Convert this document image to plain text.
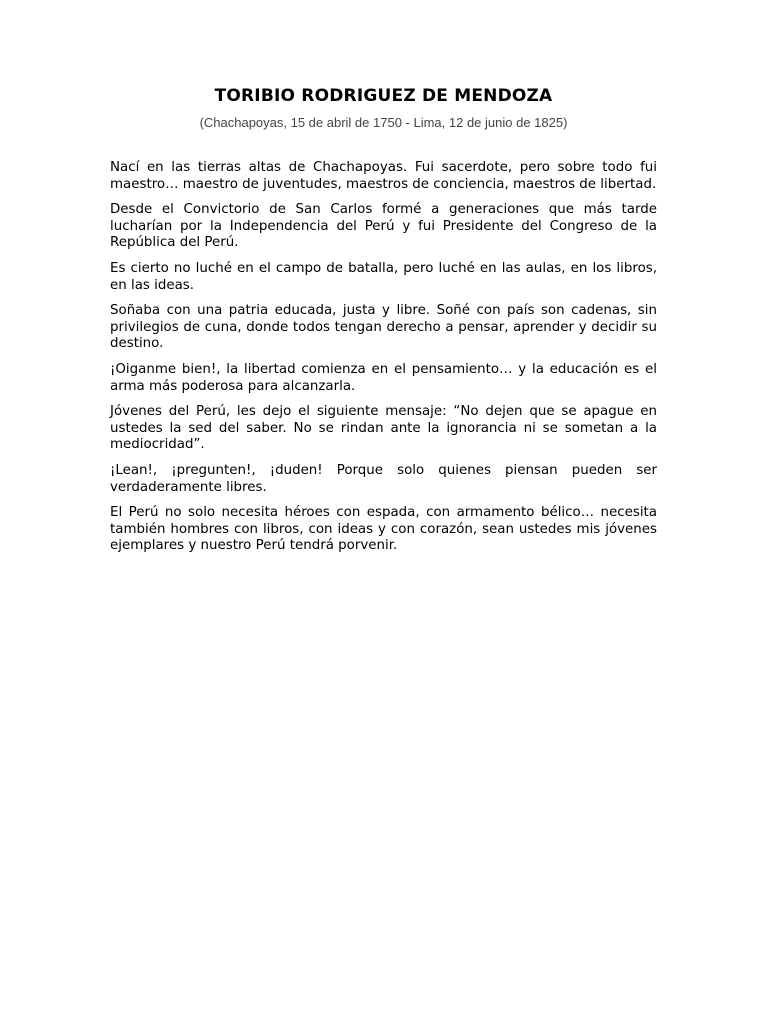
TORIBIO RODRIGUEZ DE MENDOZA
(Chachapoyas, 15 de abril de 1750 - Lima, 12 de junio de 1825)

Nací en las tierras altas de Chachapoyas. Fui sacerdote, pero sobre todo fui maestro… maestro de juventudes, maestros de conciencia, maestros de libertad.

Desde el Convictorio de San Carlos formé a generaciones que más tarde lucharían por la Independencia del Perú y fui Presidente del Congreso de la República del Perú.

Es cierto no luché en el campo de batalla, pero luché en las aulas, en los libros, en las ideas.

Soñaba con una patria educada, justa y libre. Soñé con país son cadenas, sin privilegios de cuna, donde todos tengan derecho a pensar, aprender y decidir su destino.

¡Oiganme bien!, la libertad comienza en el pensamiento… y la educación es el arma más poderosa para alcanzarla.

Jóvenes del Perú, les dejo el siguiente mensaje: “No dejen que se apague en ustedes la sed del saber. No se rindan ante la ignorancia ni se sometan a la mediocridad”.

¡Lean!, ¡pregunten!, ¡duden! Porque solo quienes piensan pueden ser verdaderamente libres.

El Perú no solo necesita héroes con espada, con armamento bélico… necesita también hombres con libros, con ideas y con corazón, sean ustedes mis jóvenes ejemplares y nuestro Perú tendrá porvenir.
